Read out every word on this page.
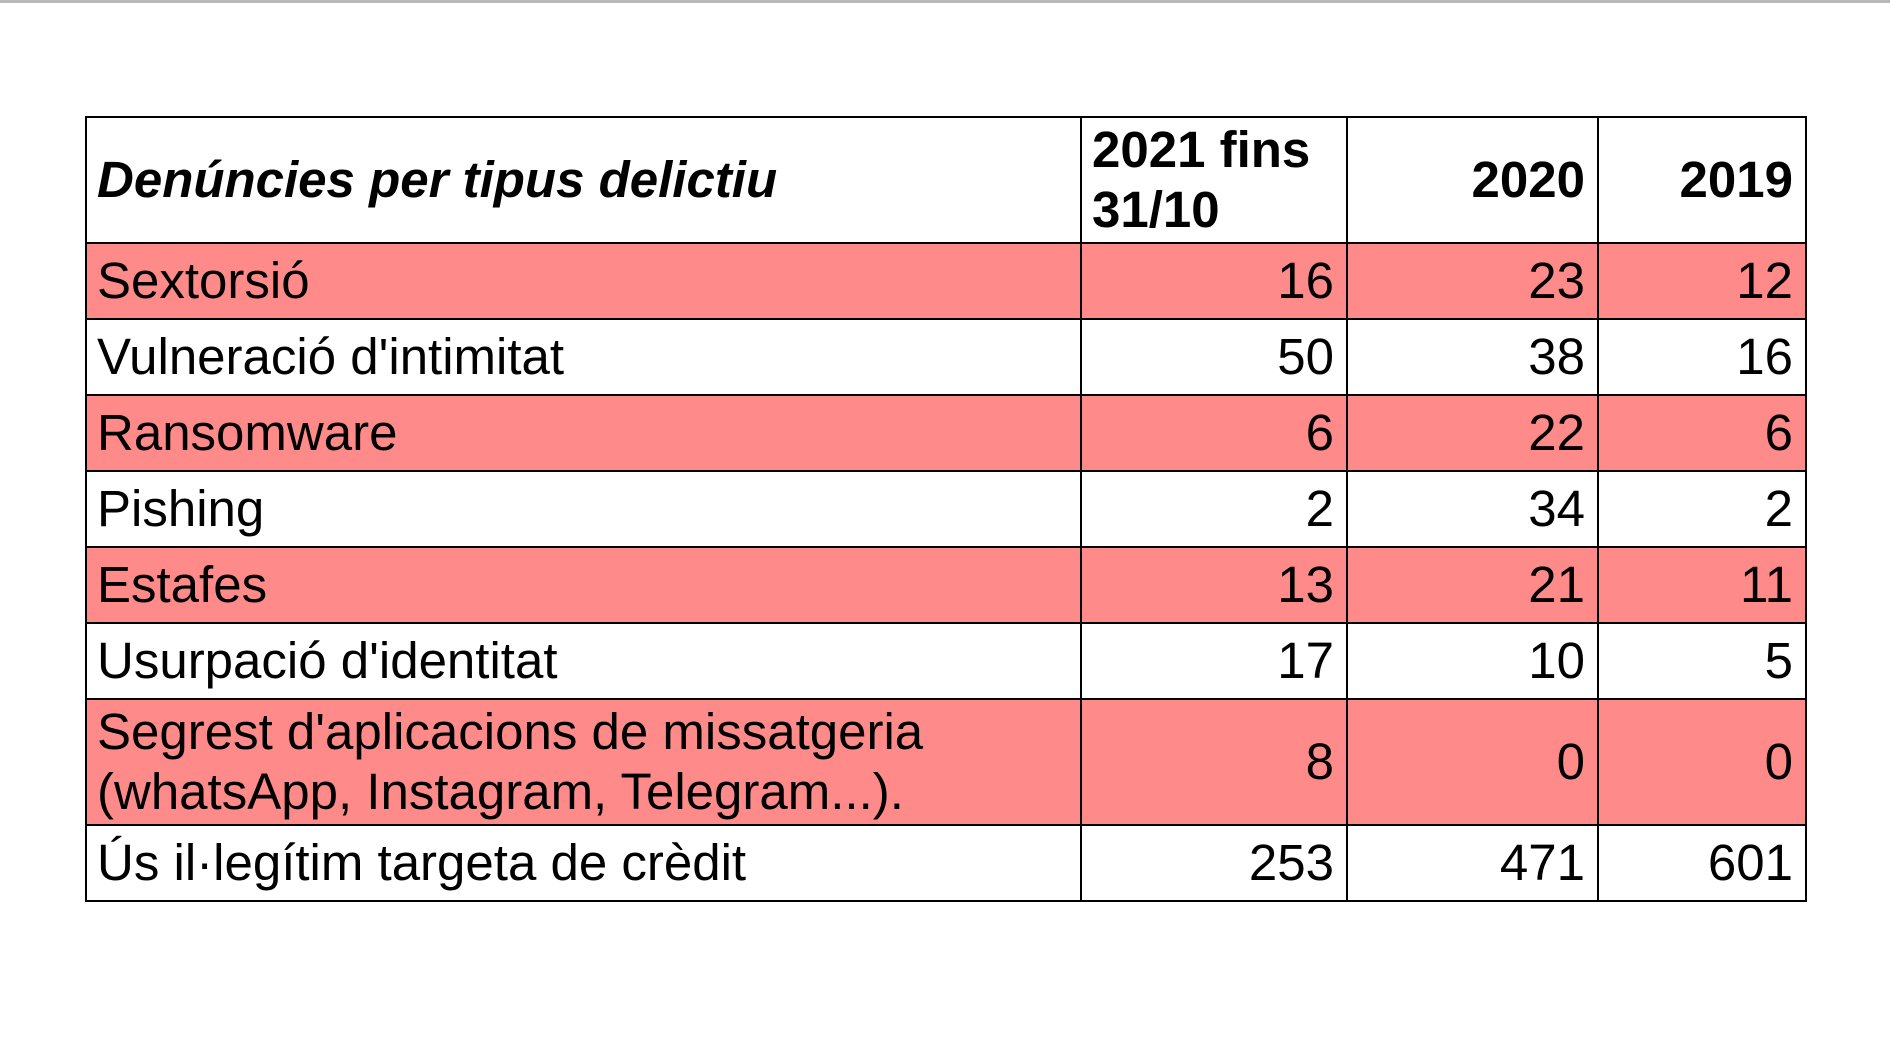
Denúncies per tipus delictiu	2021 fins 31/10	2020	2019
Sextorsió	16	23	12
Vulneració d'intimitat	50	38	16
Ransomware	6	22	6
Pishing	2	34	2
Estafes	13	21	11
Usurpació d'identitat	17	10	5
Segrest d'aplicacions de missatgeria (whatsApp, Instagram, Telegram...).	8	0	0
Ús il·legítim targeta de crèdit	253	471	601
